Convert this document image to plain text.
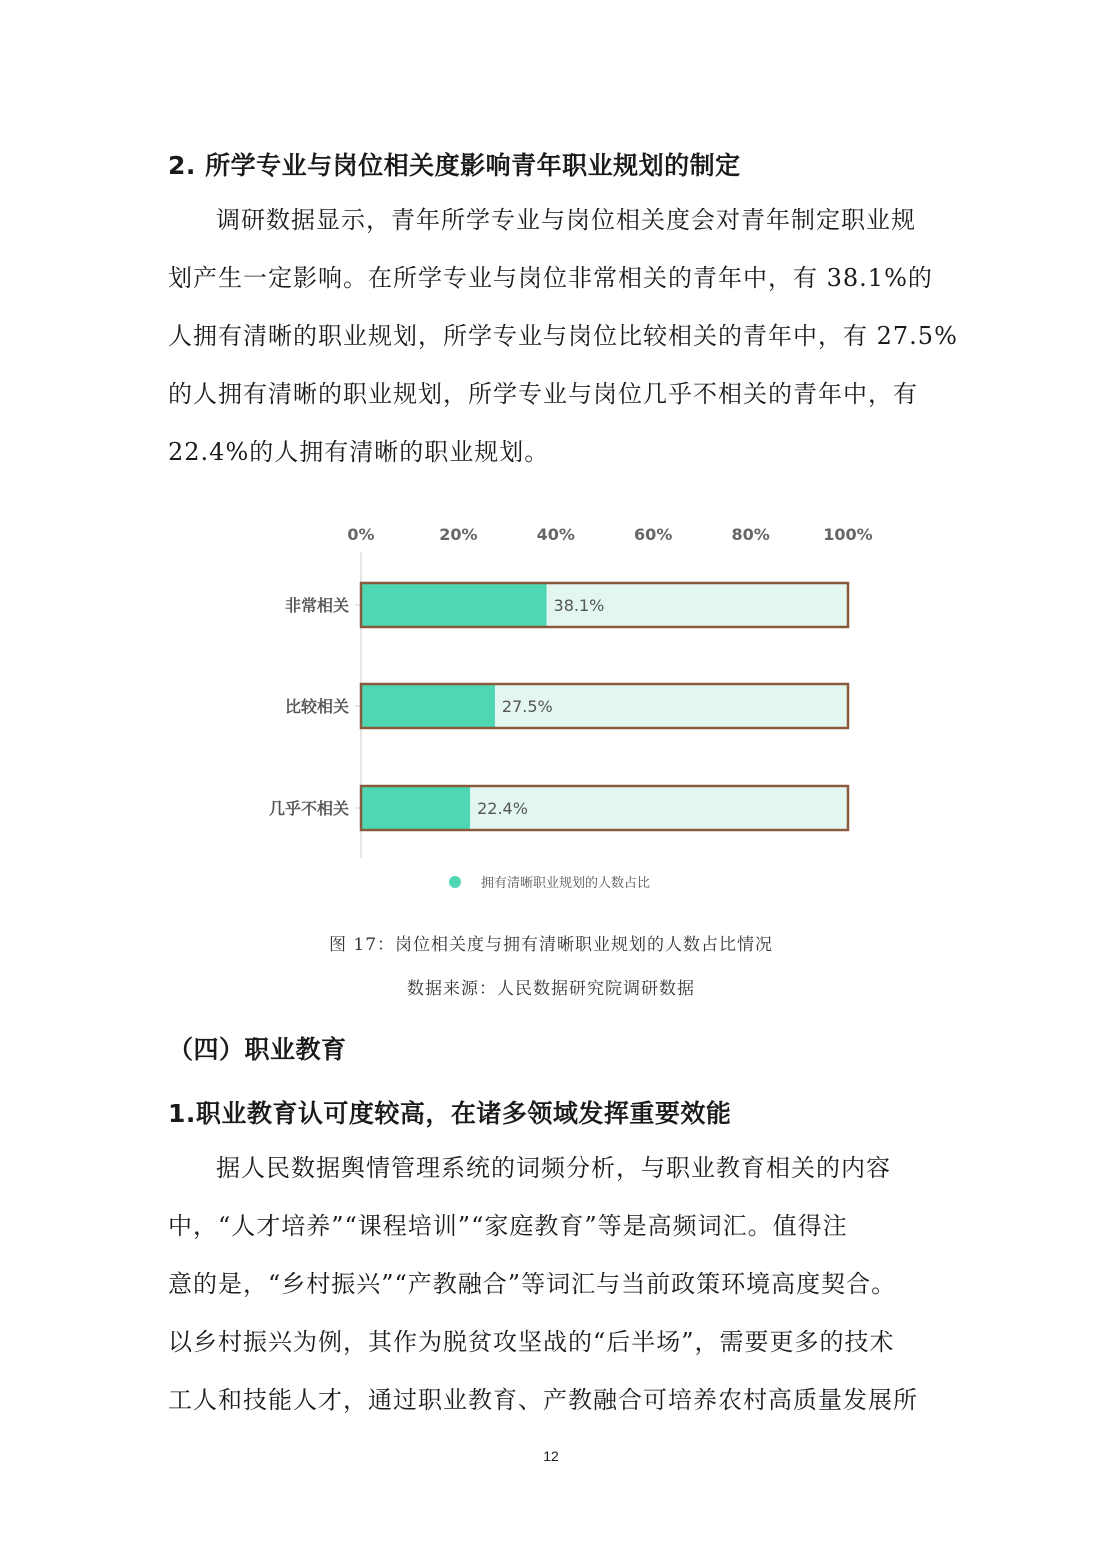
2. 所学专业与岗位相关度影响青年职业规划的制定
调研数据显示，青年所学专业与岗位相关度会对青年制定职业规
划产生一定影响。在所学专业与岗位非常相关的青年中，有 38.1%的
人拥有清晰的职业规划，所学专业与岗位比较相关的青年中，有 27.5%
的人拥有清晰的职业规划，所学专业与岗位几乎不相关的青年中，有
22.4%的人拥有清晰的职业规划。
0%	20%	40%	60%	80%	100%
非常相关	38.1%
比较相关	27.5%
几乎不相关	22.4%
拥有清晰职业规划的人数占比
图 17：岗位相关度与拥有清晰职业规划的人数占比情况
数据来源：人民数据研究院调研数据
（四）职业教育
1.职业教育认可度较高，在诸多领域发挥重要效能
据人民数据舆情管理系统的词频分析，与职业教育相关的内容
中，“人才培养”“课程培训”“家庭教育”等是高频词汇。值得注
意的是，“乡村振兴”“产教融合”等词汇与当前政策环境高度契合。
以乡村振兴为例，其作为脱贫攻坚战的“后半场”，需要更多的技术
工人和技能人才，通过职业教育、产教融合可培养农村高质量发展所
12
